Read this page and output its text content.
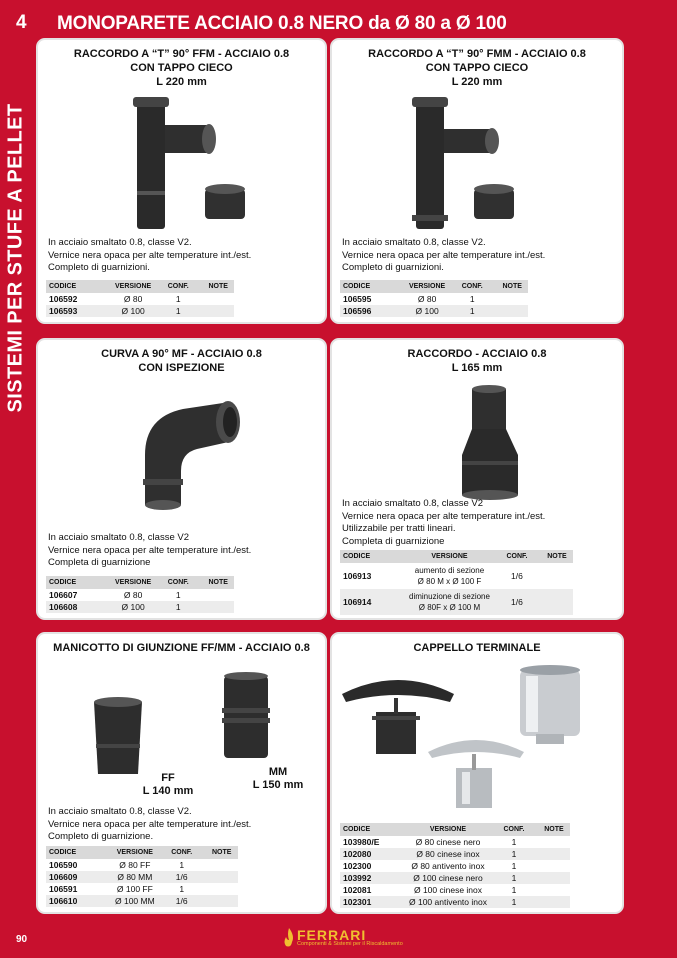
4 MONOPARETE ACCIAIO 0.8 NERO da Ø 80 a Ø 100
SISTEMI PER STUFE A PELLET
RACCORDO A “T” 90° FFM - ACCIAIO 0.8
CON TAPPO CIECO
L 220 mm
In acciaio smaltato 0.8, classe V2.
Vernice nera opaca per alte temperature int./est.
Completo di guarnizioni.
CODICE	VERSIONE	CONF.	NOTE
106592	Ø 80	1	
106593	Ø 100	1	
RACCORDO A “T” 90° FMM - ACCIAIO 0.8
CON TAPPO CIECO
L 220 mm
In acciaio smaltato 0.8, classe V2.
Vernice nera opaca per alte temperature int./est.
Completo di guarnizioni.
CODICE	VERSIONE	CONF.	NOTE
106595	Ø 80	1	
106596	Ø 100	1	
CURVA A 90° MF - ACCIAIO 0.8
CON ISPEZIONE
In acciaio smaltato 0.8, classe V2
Vernice nera opaca per alte temperature int./est.
Completa di guarnizione
CODICE	VERSIONE	CONF.	NOTE
106607	Ø 80	1	
106608	Ø 100	1	
RACCORDO - ACCIAIO 0.8
L 165 mm
In acciaio smaltato 0.8, classe V2
Vernice nera opaca per alte temperature int./est.
Utilizzabile per tratti lineari.
Completa di guarnizione
CODICE	VERSIONE	CONF.	NOTE
106913	aumento di sezione
Ø 80 M x Ø 100 F	1/6	
106914	diminuzione di sezione
Ø 80F x Ø 100 M	1/6	
MANICOTTO DI GIUNZIONE FF/MM - ACCIAIO 0.8
FF
L 140 mm
MM
L 150 mm
In acciaio smaltato 0.8, classe V2.
Vernice nera opaca per alte temperature int./est.
Completo di guarnizione.
CODICE	VERSIONE	CONF.	NOTE
106590	Ø 80 FF	1	
106609	Ø 80 MM	1/6	
106591	Ø 100 FF	1	
106610	Ø 100 MM	1/6	
CAPPELLO TERMINALE
CODICE	VERSIONE	CONF.	NOTE
103980/E	Ø 80 cinese nero	1	
102080	Ø 80 cinese inox	1	
102300	Ø 80 antivento inox	1	
103992	Ø 100 cinese nero	1	
102081	Ø 100 cinese inox	1	
102301	Ø 100 antivento inox	1	
90	FERRARI
Componenti & Sistemi per il Riscaldamento
